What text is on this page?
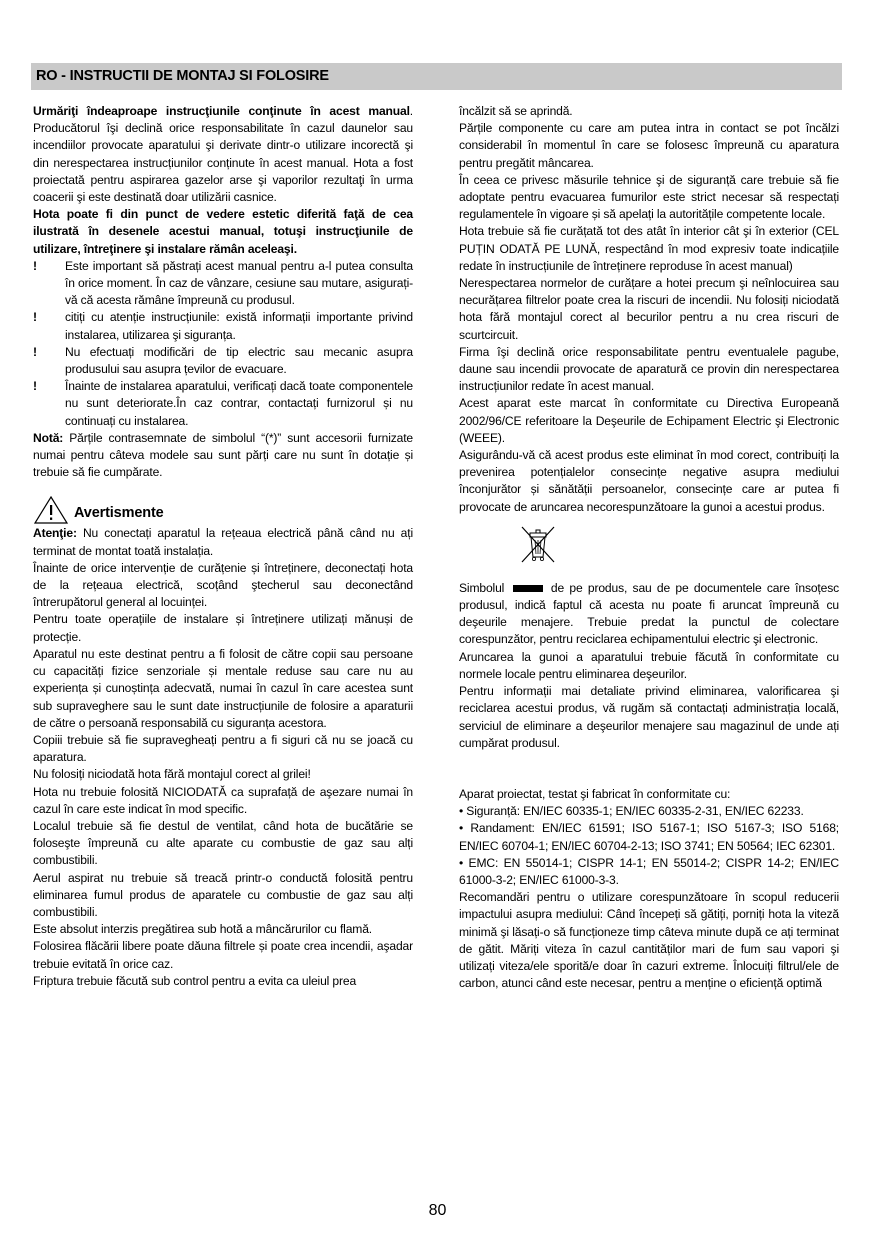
RO - INSTRUCTII DE MONTAJ SI FOLOSIRE

Urmăriţi îndeaproape instrucţiunile conţinute în acest manual. Producătorul îşi declină orice responsabilitate în cazul daunelor sau incendiilor provocate aparatului şi derivate dintr-o utilizare incorectă şi din nerespectarea instrucțiunilor conținute în acest manual. Hota a fost proiectată pentru aspirarea gazelor arse şi vaporilor rezultaţi în urma coacerii şi este destinată doar utilizării casnice.

Hota poate fi din punct de vedere estetic diferită faţă de cea ilustrată în desenele acestui manual, totuşi instrucţiunile de utilizare, întreţinere şi instalare rămân aceleaşi.

! Este important să păstrați acest manual pentru a-l putea consulta în orice moment. În caz de vânzare, cesiune sau mutare, asigurați-vă că acesta rămâne împreună cu produsul.
! citiți cu atenție instrucțiunile: există informații importante privind instalarea, utilizarea şi siguranța.
! Nu efectuați modificări de tip electric sau mecanic asupra produsului sau asupra țevilor de evacuare.
! Înainte de instalarea aparatului, verificați dacă toate componentele nu sunt deteriorate.În caz contrar, contactați furnizorul și nu continuați cu instalarea.

Notă: Părțile contrasemnate de simbolul “(*)” sunt accesorii furnizate numai pentru câteva modele sau sunt părți care nu sunt în dotație și trebuie să fie cumpărate.

Avertismente

Atenţie: Nu conectați aparatul la rețeaua electrică până când nu ați terminat de montat toată instalația.

Înainte de orice intervenție de curățenie și întreținere, deconectați hota de la rețeaua electrică, scoțând ştecherul sau deconectând întrerupătorul general al locuinței.

Pentru toate operațiile de instalare și întreținere utilizați mănuși de protecție.

Aparatul nu este destinat pentru a fi folosit de către copii sau persoane cu capacități fizice senzoriale și mentale reduse sau care nu au experiența și cunoștința adecvată, numai în cazul în care acestea sunt sub supraveghere sau le sunt date instrucțiunile de folosire a aparaturii de către o persoană responsabilă cu siguranța acestora.

Copiii trebuie să fie supravegheați pentru a fi siguri că nu se joacă cu aparatura.

Nu folosiți niciodată hota fără montajul corect al grilei!

Hota nu trebuie folosită NICIODATĂ ca suprafață de aşezare numai în cazul în care este indicat în mod specific.

Localul trebuie să fie destul de ventilat, când hota de bucătărie se foloseşte împreună cu alte aparate cu combustie de gaz sau alți combustibili.

Aerul aspirat nu trebuie să treacă printr-o conductă folosită pentru eliminarea fumul produs de aparatele cu combustie de gaz sau alți combustibili.

Este absolut interzis pregătirea sub hotă a mâncărurilor cu flamă.

Folosirea flăcării libere poate dăuna filtrele și poate crea incendii, aşadar trebuie evitată în orice caz.

Friptura trebuie făcută sub control pentru a evita ca uleiul prea

încălzit să se aprindă.

Părțile componente cu care am putea intra in contact se pot încălzi considerabil în momentul în care se folosesc împreună cu aparatura pentru pregătit mâncarea.

În ceea ce privesc măsurile tehnice şi de siguranță care trebuie să fie adoptate pentru evacuarea fumurilor este strict necesar să respectați regulamentele în vigoare și să apelați la autoritățile competente locale.

Hota trebuie să fie curățată tot des atât în interior cât şi în exterior (CEL PUȚIN ODATĂ PE LUNĂ, respectând în mod expresiv toate indicațiile redate în instrucțiunile de întreținere reproduse în acest manual)

Nerespectarea normelor de curățare a hotei precum şi neînlocuirea sau necurățarea filtrelor poate crea la riscuri de incendii. Nu folosiți niciodată hota fără montajul corect al becurilor pentru a nu crea riscuri de scurtcircuit.

Firma îşi declină orice responsabilitate pentru eventualele pagube, daune sau incendii provocate de aparatură ce provin din nerespectarea instrucțiunilor redate în acest manual.

Acest aparat este marcat în conformitate cu Directiva Europeană 2002/96/CE referitoare la Deşeurile de Echipament Electric şi Electronic (WEEE).

Asigurându-vă că acest produs este eliminat în mod corect, contribuiți la prevenirea potențialelor consecințe negative asupra mediului înconjurător și sănătății persoanelor, consecințe care ar putea fi provocate de aruncarea necorespunzătoare la gunoi a acestui produs.

Simbolul	de pe produs, sau de pe documentele care însoțesc produsul, indică faptul că acesta nu poate fi aruncat împreună cu deşeurile menajere. Trebuie predat la punctul de colectare corespunzător, pentru reciclarea echipamentului electric şi electronic.

Aruncarea la gunoi a aparatului trebuie făcută în conformitate cu normele locale pentru eliminarea deşeurilor.

Pentru informații mai detaliate privind eliminarea, valorificarea şi reciclarea acestui produs, vă rugăm să contactați administrația locală, serviciul de eliminare a deşeurilor menajere sau magazinul de unde ați cumpărat produsul.

Aparat proiectat, testat şi fabricat în conformitate cu:

• Siguranță: EN/IEC 60335-1; EN/IEC 60335-2-31, EN/IEC 62233.

• Randament: EN/IEC 61591; ISO 5167-1; ISO 5167-3; ISO 5168; EN/IEC 60704-1; EN/IEC 60704-2-13; ISO 3741; EN 50564; IEC 62301.

• EMC: EN 55014-1; CISPR 14-1; EN 55014-2; CISPR 14-2; EN/IEC 61000-3-2; EN/IEC 61000-3-3.

Recomandări pentru o utilizare corespunzătoare în scopul reducerii impactului asupra mediului: Când începeți să gătiți, porniți hota la viteză minimă şi lăsați-o să funcționeze timp câteva minute după ce ați terminat de gătit. Măriți viteza în cazul cantităților mari de fum sau vapori şi utilizați viteza/ele sporită/e doar în cazuri extreme. Înlocuiți filtrul/ele de carbon, atunci când este necesar, pentru a menține o eficiență optimă

80
